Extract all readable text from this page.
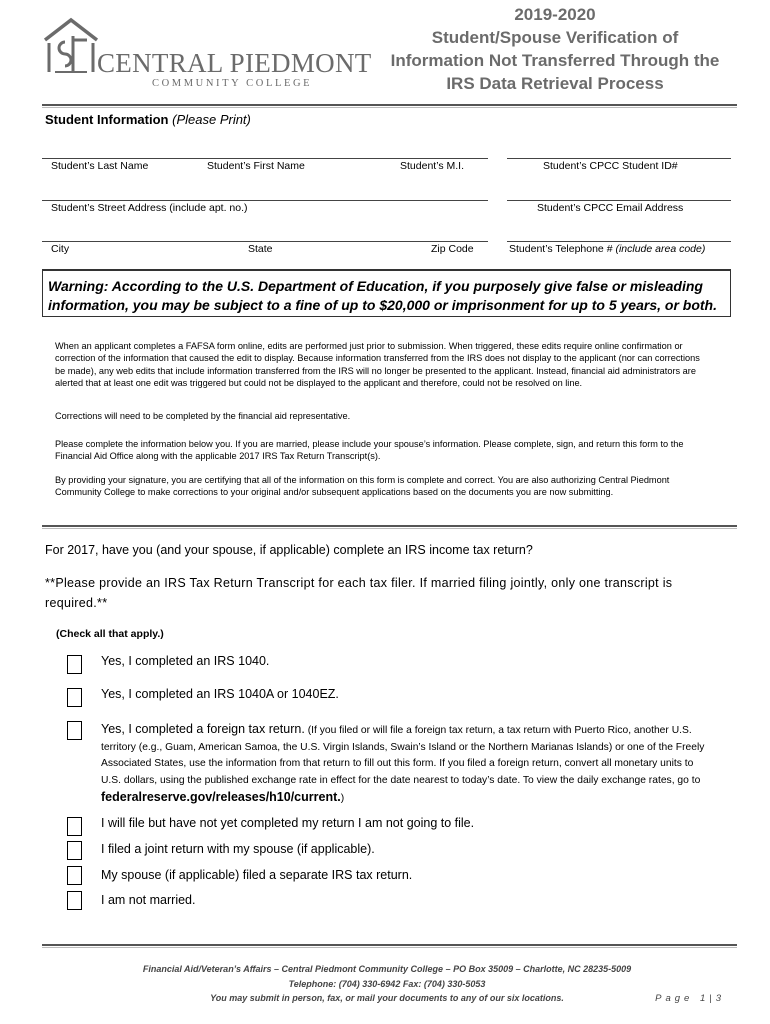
CENTRAL PIEDMONT
COMMUNITY COLLEGE
2019-2020
Student/Spouse Verification of
Information Not Transferred Through the
IRS Data Retrieval Process
Student Information (Please Print)
Student’s Last Name	Student’s First Name	Student’s M.I.	Student’s CPCC Student ID#
Student’s Street Address (include apt. no.)	Student’s CPCC Email Address
City	State	Zip Code	Student’s Telephone # (include area code)

Warning: According to the U.S. Department of Education, if you purposely give false or misleading information, you may be subject to a fine of up to $20,000 or imprisonment for up to 5 years, or both.

When an applicant completes a FAFSA form online, edits are performed just prior to submission. When triggered, these edits require online confirmation or correction of the information that caused the edit to display. Because information transferred from the IRS does not display to the applicant (nor can corrections be made), any web edits that include information transferred from the IRS will no longer be presented to the applicant. Instead, financial aid administrators are alerted that at least one edit was triggered but could not be displayed to the applicant and therefore, could not be resolved on line.
Corrections will need to be completed by the financial aid representative.
Please complete the information below you. If you are married, please include your spouse’s information. Please complete, sign, and return this form to the Financial Aid Office along with the applicable 2017 IRS Tax Return Transcript(s).
By providing your signature, you are certifying that all of the information on this form is complete and correct. You are also authorizing Central Piedmont Community College to make corrections to your original and/or subsequent applications based on the documents you are now submitting.
For 2017, have you (and your spouse, if applicable) complete an IRS income tax return?
**Please provide an IRS Tax Return Transcript for each tax filer. If married filing jointly, only one transcript is required.**
(Check all that apply.)
Yes, I completed an IRS 1040.
Yes, I completed an IRS 1040A or 1040EZ.
Yes, I completed a foreign tax return. (If you filed or will file a foreign tax return, a tax return with Puerto Rico, another U.S. territory (e.g., Guam, American Samoa, the U.S. Virgin Islands, Swain’s Island or the Northern Marianas Islands) or one of the Freely Associated States, use the information from that return to fill out this form. If you filed a foreign return, convert all monetary units to U.S. dollars, using the published exchange rate in effect for the date nearest to today’s date. To view the daily exchange rates, go to federalreserve.gov/releases/h10/current.)
I will file but have not yet completed my return I am not going to file.
I filed a joint return with my spouse (if applicable).
My spouse (if applicable) filed a separate IRS tax return.
I am not married.
Financial Aid/Veteran’s Affairs – Central Piedmont Community College – PO Box 35009 – Charlotte, NC 28235-5009
Telephone: (704) 330-6942 Fax: (704) 330-5053
You may submit in person, fax, or mail your documents to any of our six locations.	Page 1|3
